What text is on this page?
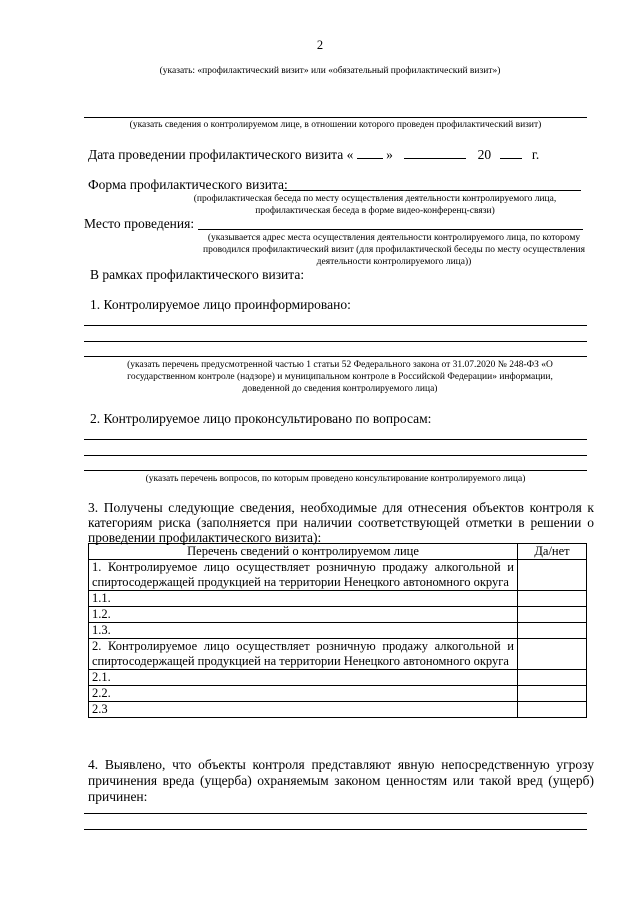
2
(указать: «профилактический визит» или «обязательный профилактический визит»)
(указать сведения о контролируемом лице, в отношении которого проведен профилактический визит)
Дата проведении профилактического визита « »	20	г.
Форма профилактического визита:
(профилактическая беседа по месту осуществления деятельности контролируемого лица, профилактическая беседа в форме видео-конференц-связи)
Место проведения:
(указывается адрес места осуществления деятельности контролируемого лица, по которому проводился профилактический визит (для профилактической беседы по месту осуществления деятельности контролируемого лица))
В рамках профилактического визита:
1. Контролируемое лицо проинформировано:
(указать перечень предусмотренной частью 1 статьи 52 Федерального закона от 31.07.2020 № 248-ФЗ «О государственном контроле (надзоре) и муниципальном контроле в Российской Федерации» информации, доведенной до сведения контролируемого лица)
2. Контролируемое лицо проконсультировано по вопросам:
(указать перечень вопросов, по которым проведено консультирование контролируемого лица)
3. Получены следующие сведения, необходимые для отнесения объектов контроля к категориям риска (заполняется при наличии соответствующей отметки в решении о проведении профилактического визита):
Перечень сведений о контролируемом лице	Да/нет
1. Контролируемое лицо осуществляет розничную продажу алкогольной и спиртосодержащей продукцией на территории Ненецкого автономного округа	
1.1.	
1.2.	
1.3.	
2. Контролируемое лицо осуществляет розничную продажу алкогольной и спиртосодержащей продукцией на территории Ненецкого автономного округа	
2.1.	
2.2.	
2.3	
4. Выявлено, что объекты контроля представляют явную непосредственную угрозу причинения вреда (ущерба) охраняемым законом ценностям или такой вред (ущерб) причинен:
